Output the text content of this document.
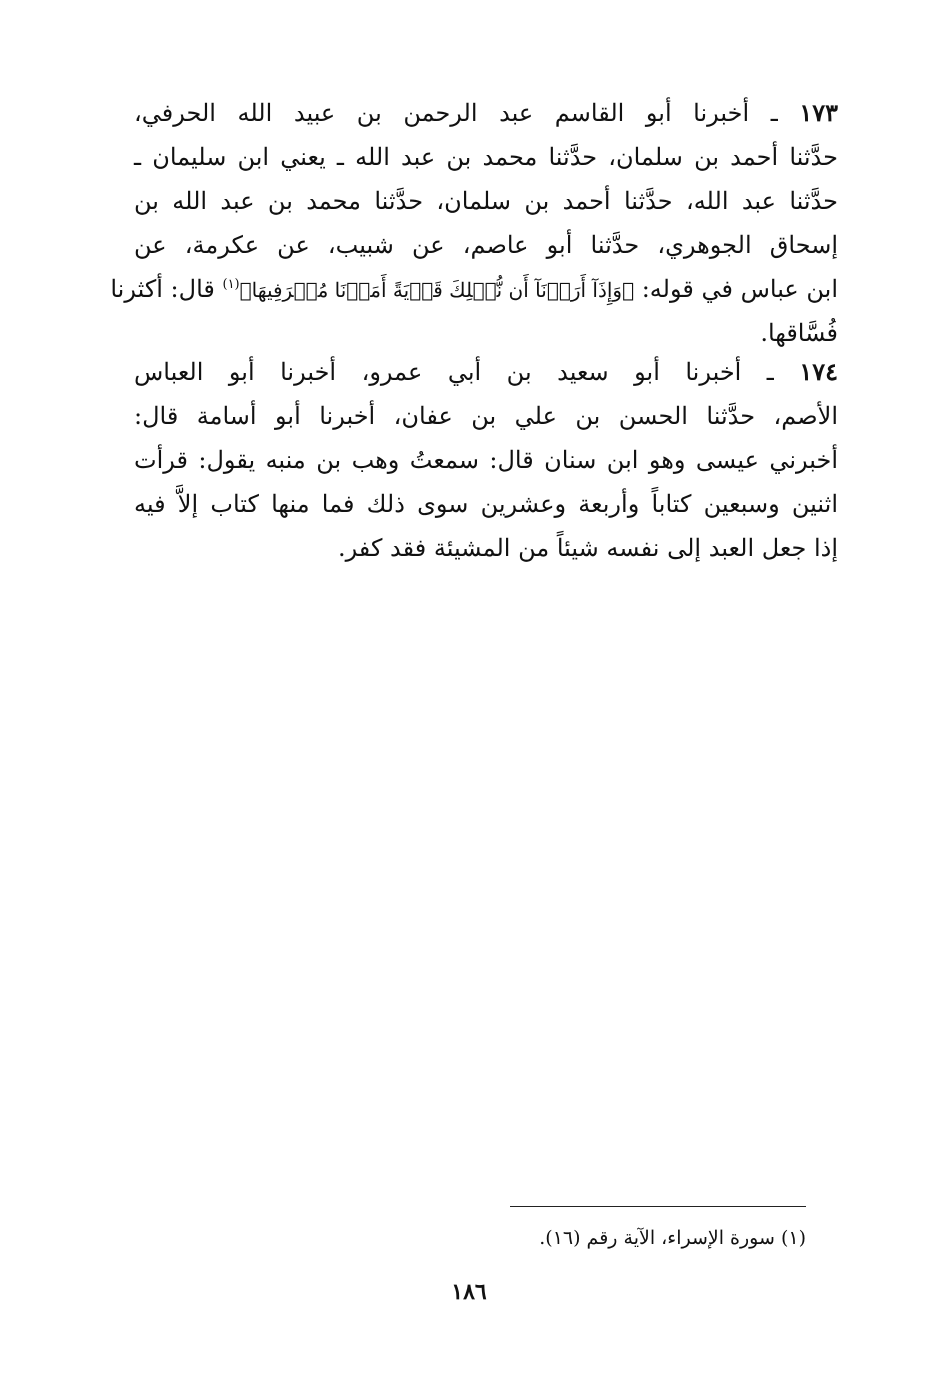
١٧٣ ـ أخبرنا أبو القاسم عبد الرحمن بن عبيد الله الحرفي،
حدَّثنا أحمد بن سلمان، حدَّثنا محمد بن عبد الله ـ يعني ابن سليمان ـ
حدَّثنا عبد الله، حدَّثنا أحمد بن سلمان، حدَّثنا محمد بن عبد الله بن
إسحاق الجوهري، حدَّثنا أبو عاصم، عن شبيب، عن عكرمة، عن
ابن عباس في قوله: ﴿وَإِذَآ أَرَدۡنَآ أَن نُّهۡلِكَ قَرۡيَةً أَمَرۡنَا مُتۡرَفِيهَا﴾$^{(١)}$ قال: أكثرنا
فُسَّاقها.
١٧٤ ـ أخبرنا أبو سعيد بن أبي عمرو، أخبرنا أبو العباس
الأصم، حدَّثنا الحسن بن علي بن عفان، أخبرنا أبو أسامة قال:
أخبرني عيسى وهو ابن سنان قال: سمعتُ وهب بن منبه يقول: قرأت
اثنين وسبعين كتاباً وأربعة وعشرين سوى ذلك فما منها كتاب إلاَّ فيه
إذا جعل العبد إلى نفسه شيئاً من المشيئة فقد كفر.
(١) سورة الإسراء، الآية رقم (١٦).
١٨٦
